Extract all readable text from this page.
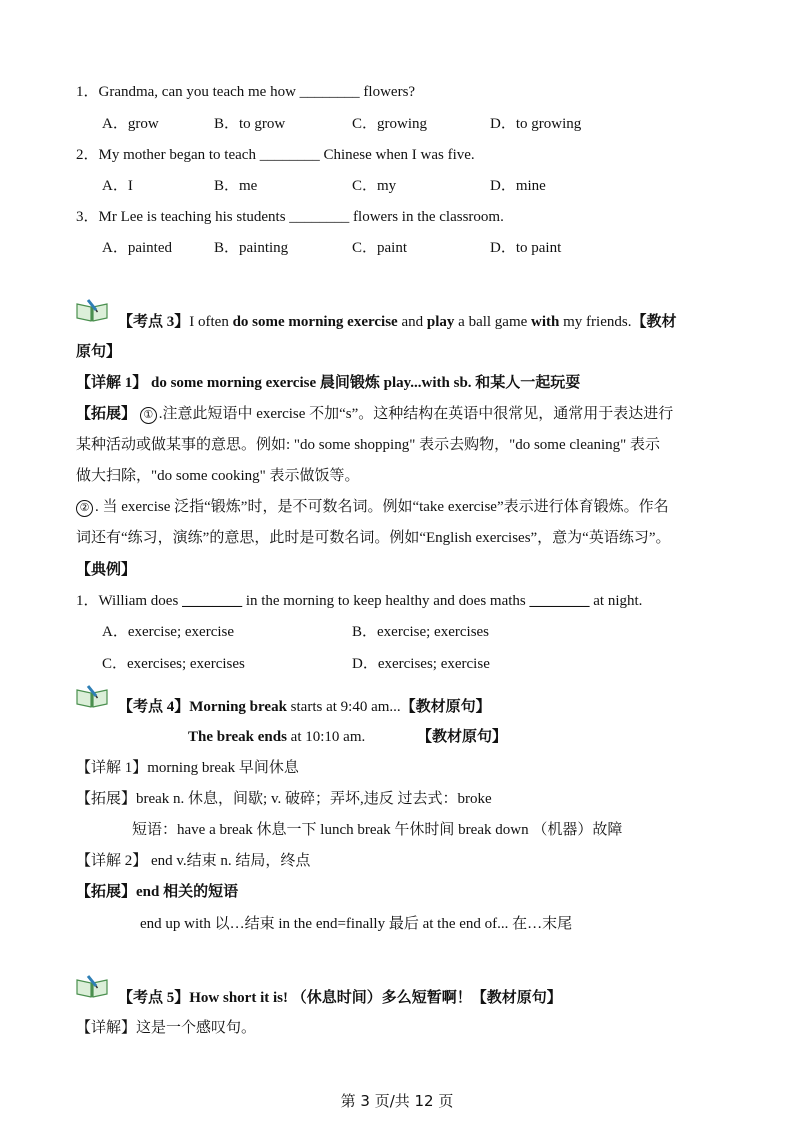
1．Grandma, can you teach me how ________ flowers?
A．grow	B．to grow	C．growing	D．to growing
2．My mother began to teach ________ Chinese when I was five.
A．I	B．me	C．my	D．mine
3．Mr Lee is teaching his students ________ flowers in the classroom.
A．painted	B．painting	C．paint	D．to paint
【考点 3】I often do some morning exercise and play a ball game with my friends.【教材
原句】
【详解 1】 do some morning exercise 晨间锻炼 play...with sb. 和某人一起玩耍
【拓展】 ① .注意此短语中 exercise 不加“s”。这种结构在英语中很常见，通常用于表达进行
某种活动或做某事的意思。例如: "do some shopping" 表示去购物，"do some cleaning" 表示
做大扫除，"do some cooking" 表示做饭等。
② . 当 exercise 泛指“锻炼”时，是不可数名词。例如“take exercise”表示进行体育锻炼。作名
词还有“练习，演练”的意思，此时是可数名词。例如“English exercises”，意为“英语练习”。
【典例】
1．William does ________ in the morning to keep healthy and does maths ________ at night.
A．exercise; exercise	B．exercise; exercises
C．exercises; exercises	D．exercises; exercise
【考点 4】Morning break starts at 9:40 am...【教材原句】
The break ends at 10:10 am.	【教材原句】
【详解 1】morning break 早间休息
【拓展】break n. 休息，间歇; v. 破碎；弄坏,违反 过去式：broke
短语：have a break 休息一下 lunch break 午休时间 break down （机器）故障
【详解 2】 end v.结束 n. 结局，终点
【拓展】end 相关的短语
end up with 以…结束 in the end=finally 最后 at the end of... 在…末尾
【考点 5】How short it is! （休息时间）多么短暂啊！【教材原句】
【详解】这是一个感叹句。
第 3 页/共 12 页
